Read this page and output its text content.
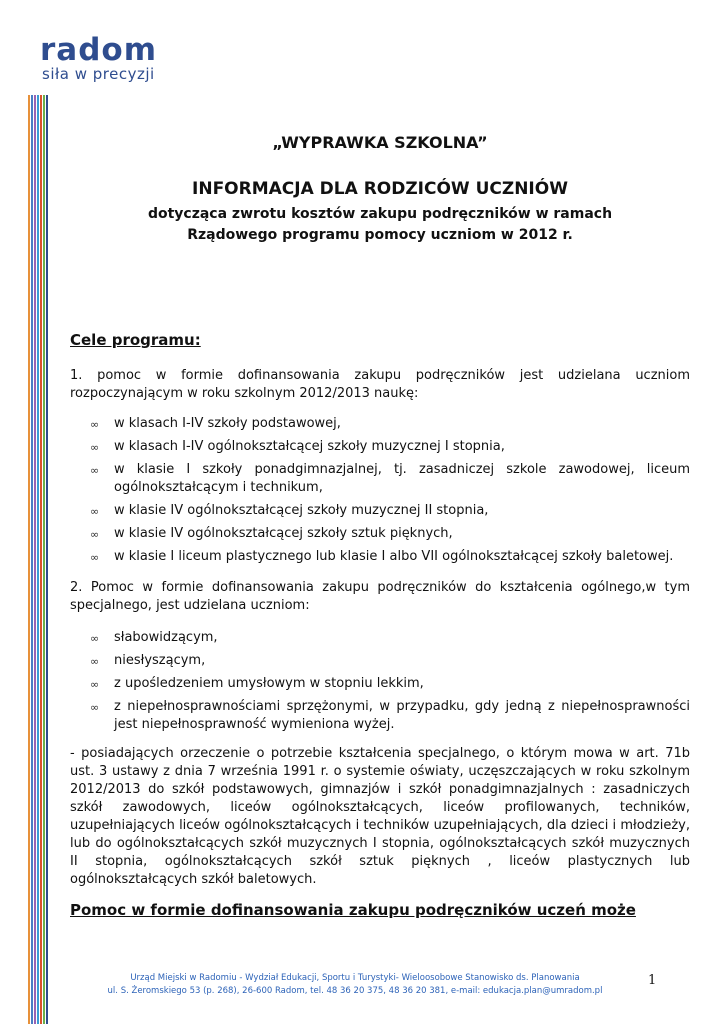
radom
siła w precyzji
„WYPRAWKA SZKOLNA”
INFORMACJA DLA RODZICÓW UCZNIÓW
dotycząca zwrotu kosztów zakupu podręczników w ramach
Rządowego programu pomocy uczniom w 2012 r.
Cele programu:
1. pomoc w formie dofinansowania zakupu podręczników jest udzielana uczniom rozpoczynającym w roku szkolnym 2012/2013 naukę:
∞ w klasach I-IV szkoły podstawowej,
∞ w klasach I-IV ogólnokształcącej szkoły muzycznej I stopnia,
∞ w klasie I szkoły ponadgimnazjalnej, tj. zasadniczej szkole zawodowej, liceum ogólnokształcącym i technikum,
∞ w klasie IV ogólnokształcącej szkoły muzycznej II stopnia,
∞ w klasie IV ogólnokształcącej szkoły sztuk pięknych,
∞ w klasie I liceum plastycznego lub klasie I albo VII ogólnokształcącej szkoły baletowej.
2. Pomoc w formie dofinansowania zakupu podręczników do kształcenia ogólnego,w tym specjalnego, jest udzielana uczniom:
∞ słabowidzącym,
∞ niesłyszącym,
∞ z upośledzeniem umysłowym w stopniu lekkim,
∞ z niepełnosprawnościami sprzężonymi, w przypadku, gdy jedną z niepełnosprawności jest niepełnosprawność wymieniona wyżej.
- posiadających orzeczenie o potrzebie kształcenia specjalnego, o którym mowa w art. 71b ust. 3 ustawy z dnia 7 września 1991 r. o systemie oświaty, uczęszczających w roku szkolnym 2012/2013 do szkół podstawowych, gimnazjów i szkół ponadgimnazjalnych : zasadniczych szkół zawodowych, liceów ogólnokształcących, liceów profilowanych, techników, uzupełniających liceów ogólnokształcących i techników uzupełniających, dla dzieci i młodzieży, lub do ogólnokształcących szkół muzycznych I stopnia, ogólnokształcących szkół muzycznych II stopnia, ogólnokształcących szkół sztuk pięknych , liceów plastycznych lub ogólnokształcących szkół baletowych.
Pomoc w formie dofinansowania zakupu podręczników uczeń może
Urząd Miejski w Radomiu - Wydział Edukacji, Sportu i Turystyki- Wieloosobowe Stanowisko ds. Planowania
ul. S. Żeromskiego 53 (p. 268), 26-600 Radom, tel. 48 36 20 375, 48 36 20 381, e-mail: edukacja.plan@umradom.pl
1
